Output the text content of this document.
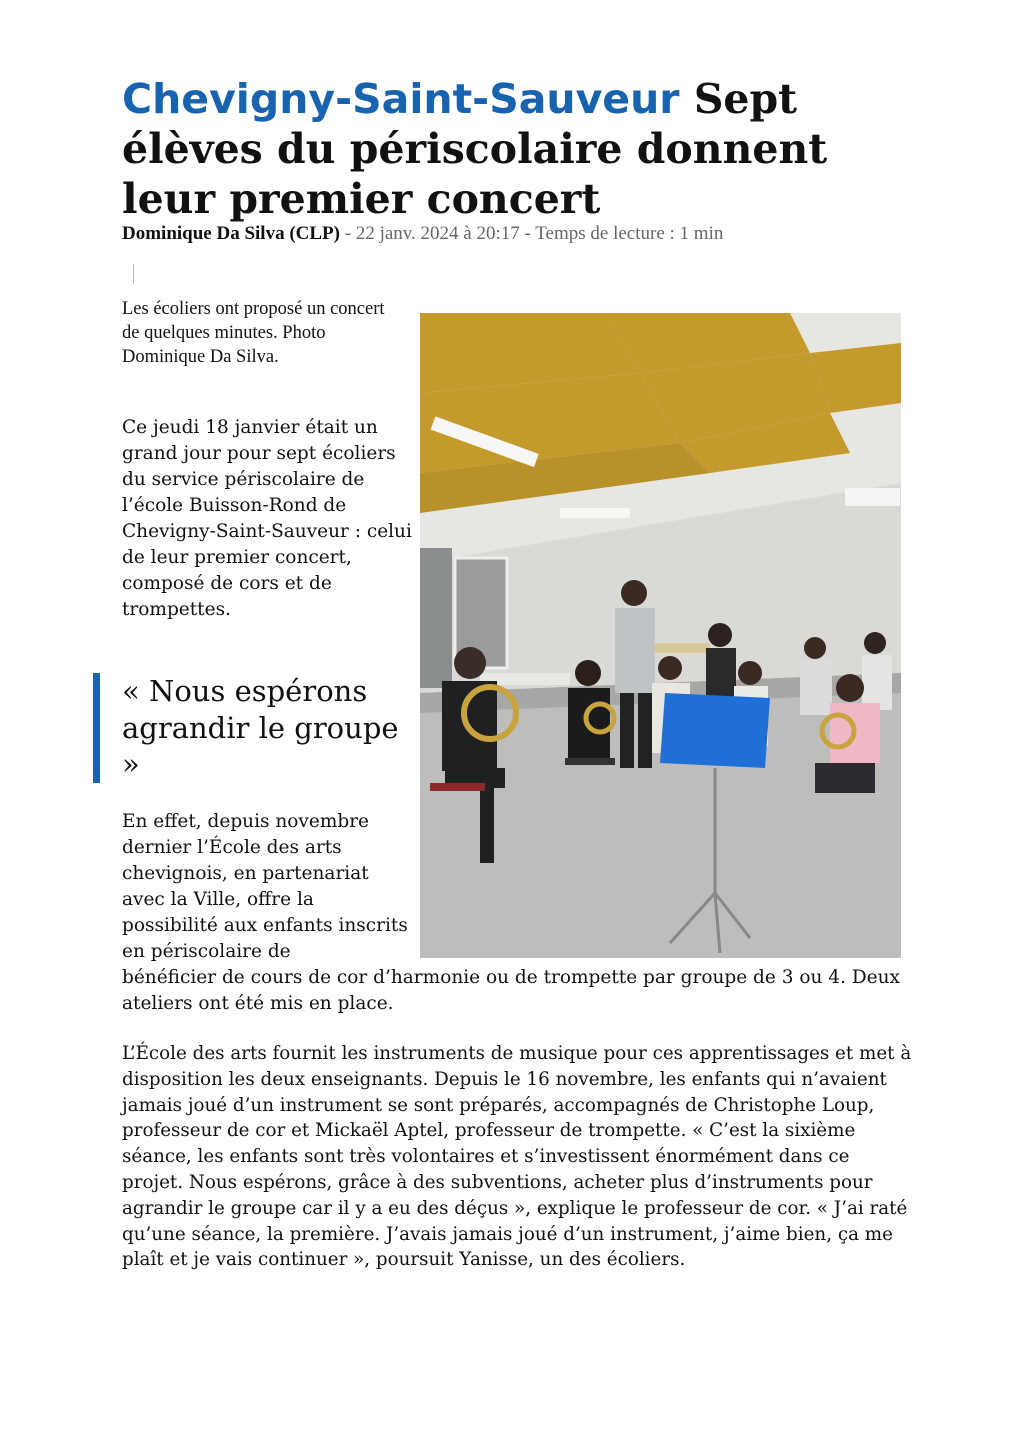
Chevigny-Saint-Sauveur Sept élèves du périscolaire donnent leur premier concert
Dominique Da Silva (CLP) - 22 janv. 2024 à 20:17 - Temps de lecture : 1 min
Les écoliers ont proposé un concert de quelques minutes. Photo Dominique Da Silva.

Ce jeudi 18 janvier était un grand jour pour sept écoliers du service périscolaire de l’école Buisson-Rond de Chevigny-Saint-Sauveur : celui de leur premier concert, composé de cors et de trompettes.

« Nous espérons agrandir le groupe »

En effet, depuis novembre dernier l’École des arts chevignois, en partenariat avec la Ville, offre la possibilité aux enfants inscrits en périscolaire de

bénéficier de cours de cor d’harmonie ou de trompette par groupe de 3 ou 4. Deux ateliers ont été mis en place.

L’École des arts fournit les instruments de musique pour ces apprentissages et met à disposition les deux enseignants. Depuis le 16 novembre, les enfants qui n’avaient jamais joué d’un instrument se sont préparés, accompagnés de Christophe Loup, professeur de cor et Mickaël Aptel, professeur de trompette. « C’est la sixième séance, les enfants sont très volontaires et s’investissent énormément dans ce projet. Nous espérons, grâce à des subventions, acheter plus d’instruments pour agrandir le groupe car il y a eu des déçus », explique le professeur de cor. « J’ai raté qu’une séance, la première. J’avais jamais joué d’un instrument, j’aime bien, ça me plaît et je vais continuer », poursuit Yanisse, un des écoliers.
